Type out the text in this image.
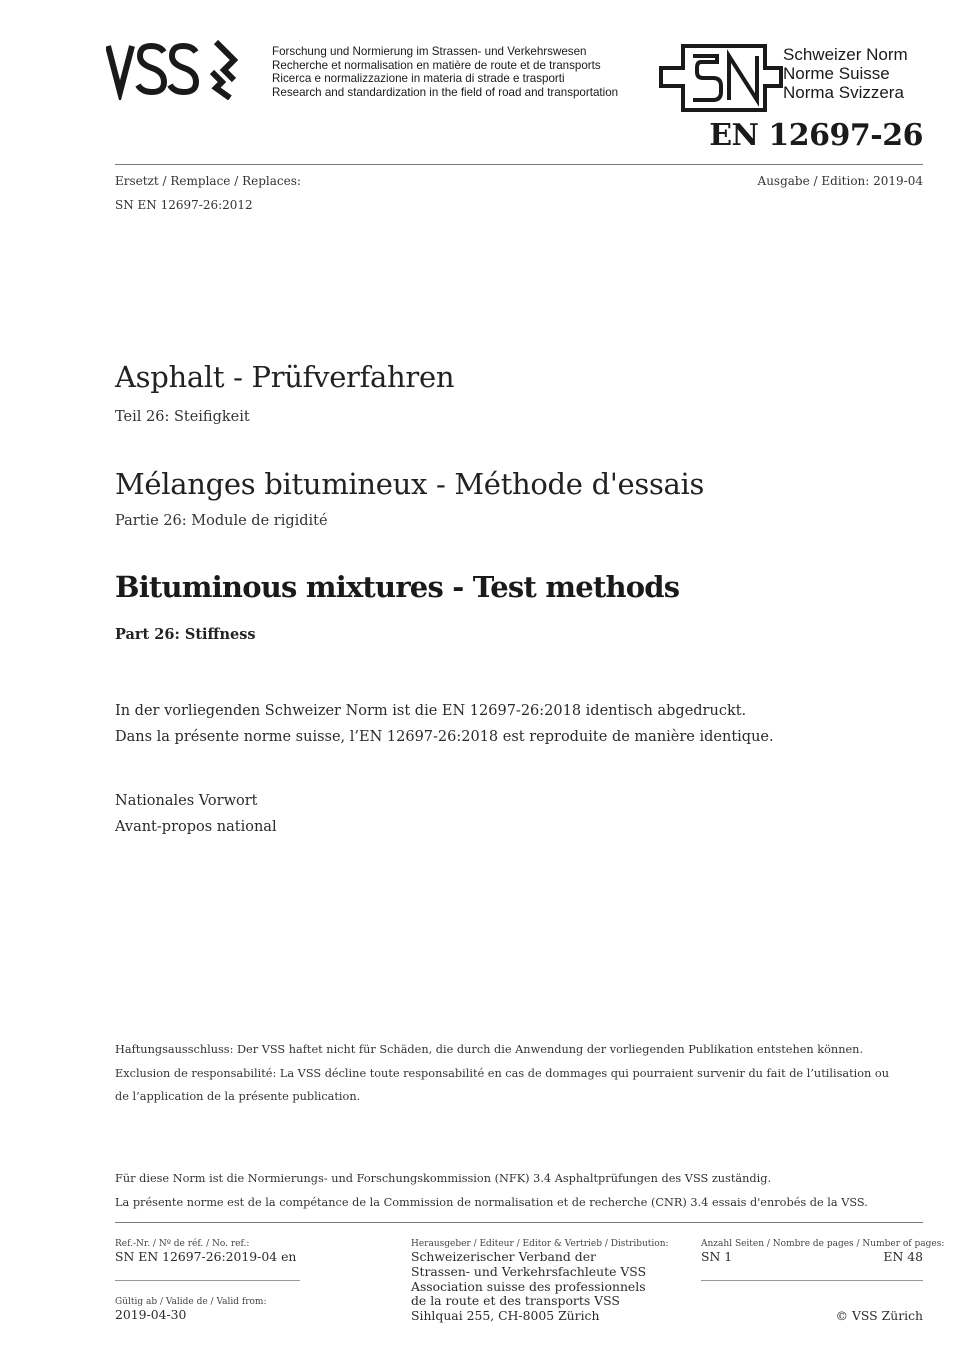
Forschung und Normierung im Strassen- und Verkehrswesen
Recherche et normalisation en matière de route et de transports
Ricerca e normalizzazione in materia di strade e trasporti
Research and standardization in the field of road and transportation
Schweizer Norm
Norme Suisse
Norma Svizzera
EN 12697-26
Ersetzt / Remplace / Replaces:
SN EN 12697-26:2012
Ausgabe / Edition: 2019-04
Asphalt - Prüfverfahren
Teil 26: Steifigkeit
Mélanges bitumineux - Méthode d'essais
Partie 26: Module de rigidité
Bituminous mixtures - Test methods
Part 26: Stiffness
In der vorliegenden Schweizer Norm ist die EN 12697-26:2018 identisch abgedruckt.
Dans la présente norme suisse, l’EN 12697-26:2018 est reproduite de manière identique.
Nationales Vorwort
Avant-propos national
Haftungsausschluss: Der VSS haftet nicht für Schäden, die durch die Anwendung der vorliegenden Publikation entstehen können.
Exclusion de responsabilité: La VSS décline toute responsabilité en cas de dommages qui pourraient survenir du fait de l’utilisation ou
de l’application de la présente publication.
Für diese Norm ist die Normierungs- und Forschungskommission (NFK) 3.4 Asphaltprüfungen des VSS zuständig.
La présente norme est de la compétance de la Commission de normalisation et de recherche (CNR) 3.4 essais d'enrobés de la VSS.
Ref.-Nr. / Nº de réf. / No. ref.:
SN EN 12697-26:2019-04 en
Gültig ab / Valide de / Valid from:
2019-04-30
Herausgeber / Editeur / Editor & Vertrieb / Distribution:
Schweizerischer Verband der
Strassen- und Verkehrsfachleute VSS
Association suisse des professionnels
de la route et des transports VSS
Sihlquai 255, CH-8005 Zürich
Anzahl Seiten / Nombre de pages / Number of pages:
SN 1	EN 48
© VSS Zürich
